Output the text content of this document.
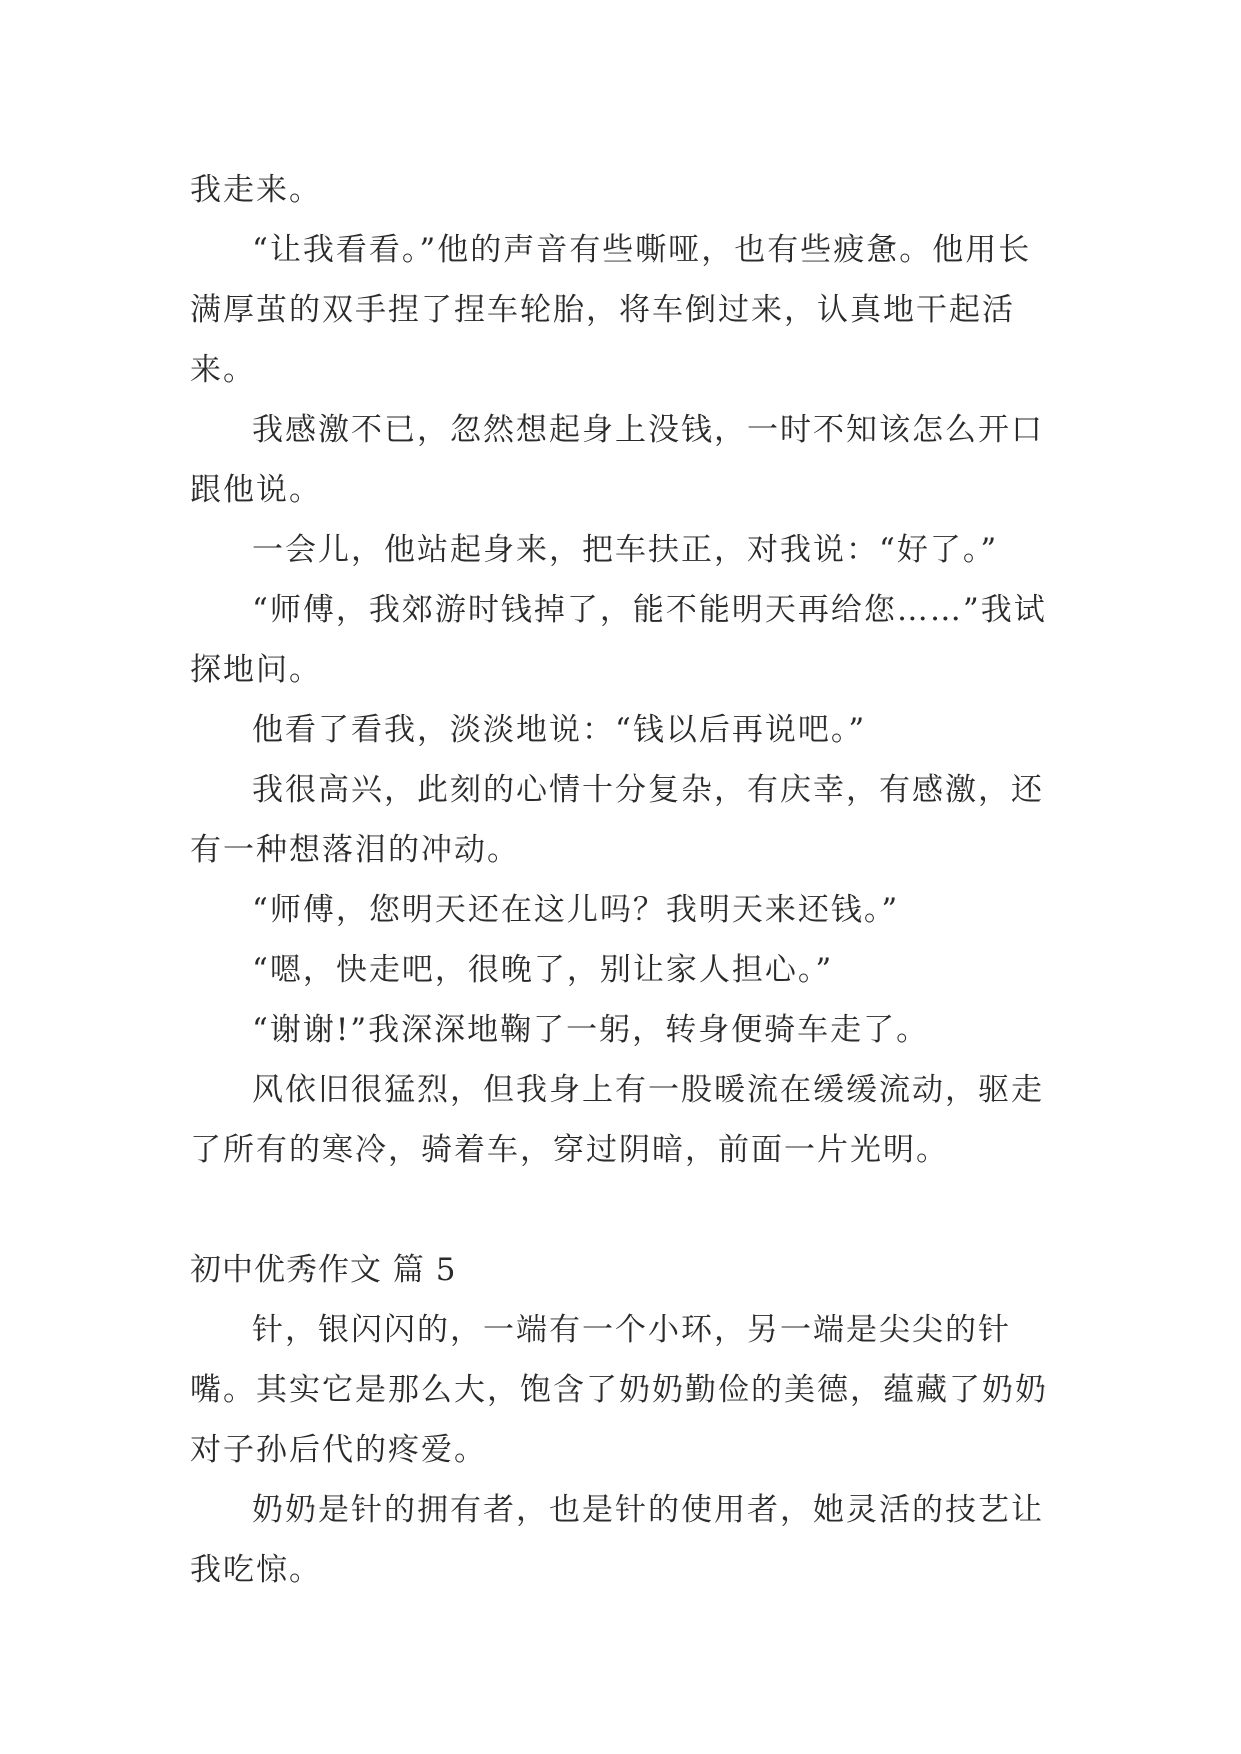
我走来。

“让我看看。”他的声音有些嘶哑，也有些疲惫。他用长满厚茧的双手捏了捏车轮胎，将车倒过来，认真地干起活来。

我感激不已，忽然想起身上没钱，一时不知该怎么开口跟他说。

一会儿，他站起身来，把车扶正，对我说：“好了。”

“师傅，我郊游时钱掉了，能不能明天再给您……”我试探地问。

他看了看我，淡淡地说：“钱以后再说吧。”

我很高兴，此刻的心情十分复杂，有庆幸，有感激，还有一种想落泪的冲动。

“师傅，您明天还在这儿吗？我明天来还钱。”

“嗯，快走吧，很晚了，别让家人担心。”

“谢谢!”我深深地鞠了一躬，转身便骑车走了。

风依旧很猛烈，但我身上有一股暖流在缓缓流动，驱走了所有的寒冷，骑着车，穿过阴暗，前面一片光明。

初中优秀作文 篇 5

针，银闪闪的，一端有一个小环，另一端是尖尖的针嘴。其实它是那么大，饱含了奶奶勤俭的美德，蕴藏了奶奶对子孙后代的疼爱。

奶奶是针的拥有者，也是针的使用者，她灵活的技艺让我吃惊。
